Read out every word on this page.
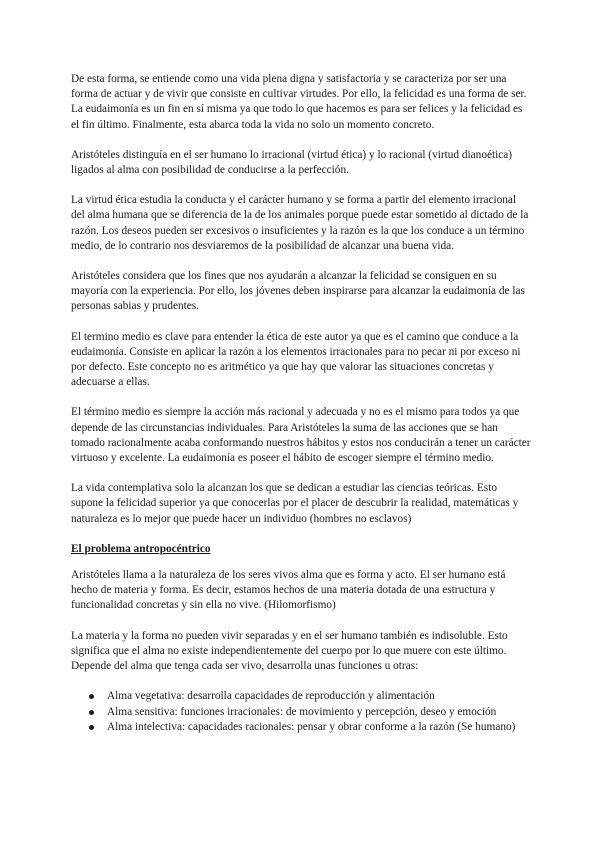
De esta forma, se entiende como una vida plena digna y satisfactoria y se caracteriza por ser una forma de actuar y de vivir que consiste en cultivar virtudes. Por ello, la felicidad es una forma de ser. La eudaimonía es un fin en sí misma ya que todo lo que hacemos es para ser felices y la felicidad es el fin último. Finalmente, esta abarca toda la vida no solo un momento concreto.

Aristóteles distinguía en el ser humano lo irracional (virtud ética) y lo racional (virtud dianoética) ligados al alma con posibilidad de conducirse a la perfección.

La virtud ética estudia la conducta y el carácter humano y se forma a partir del elemento irracional del alma humana que se diferencia de la de los animales porque puede estar sometido al dictado de la razón. Los deseos pueden ser excesivos o insuficientes y la razón es la que los conduce a un término medio, de lo contrario nos desviaremos de la posibilidad de alcanzar una buena vida.

Aristóteles considera que los fines que nos ayudarán a alcanzar la felicidad se consiguen en su mayoría con la experiencia. Por ello, los jóvenes deben inspirarse para alcanzar la eudaimonía de las personas sabias y prudentes.

El termino medio es clave para entender la ética de este autor ya que es el camino que conduce a la eudaimonía. Consiste en aplicar la razón a los elementos irracionales para no pecar ni por exceso ni por defecto. Este concepto no es aritmético ya que hay que valorar las situaciones concretas y adecuarse a ellas.

El término medio es siempre la acción más racional y adecuada y no es el mismo para todos ya que depende de las circunstancias individuales. Para Aristóteles la suma de las acciones que se han tomado racionalmente acaba conformando nuestros hábitos y estos nos conducirán a tener un carácter virtuoso y excelente. La eudaimonía es poseer el hábito de escoger siempre el término medio.

La vida contemplativa solo la alcanzan los que se dedican a estudiar las ciencias teóricas. Esto supone la felicidad superior ya que conocerlas por el placer de descubrir la realidad, matemáticas y naturaleza es lo mejor que puede hacer un individuo (hombres no esclavos)

El problema antropocéntrico

Aristóteles llama a la naturaleza de los seres vivos alma que es forma y acto. El ser humano está hecho de materia y forma. Es decir, estamos hechos de una materia dotada de una estructura y funcionalidad concretas y sin ella no vive. (Hilomorfismo)

La materia y la forma no pueden vivir separadas y en el ser humano también es indisoluble. Esto significa que el alma no existe independientemente del cuerpo por lo que muere con este último. Depende del alma que tenga cada ser vivo, desarrolla unas funciones u otras:

Alma vegetativa: desarrolla capacidades de reproducción y alimentación
Alma sensitiva: funciones irracionales: de movimiento y percepción, deseo y emoción
Alma intelectiva: capacidades racionales: pensar y obrar conforme a la razón (Se humano)
